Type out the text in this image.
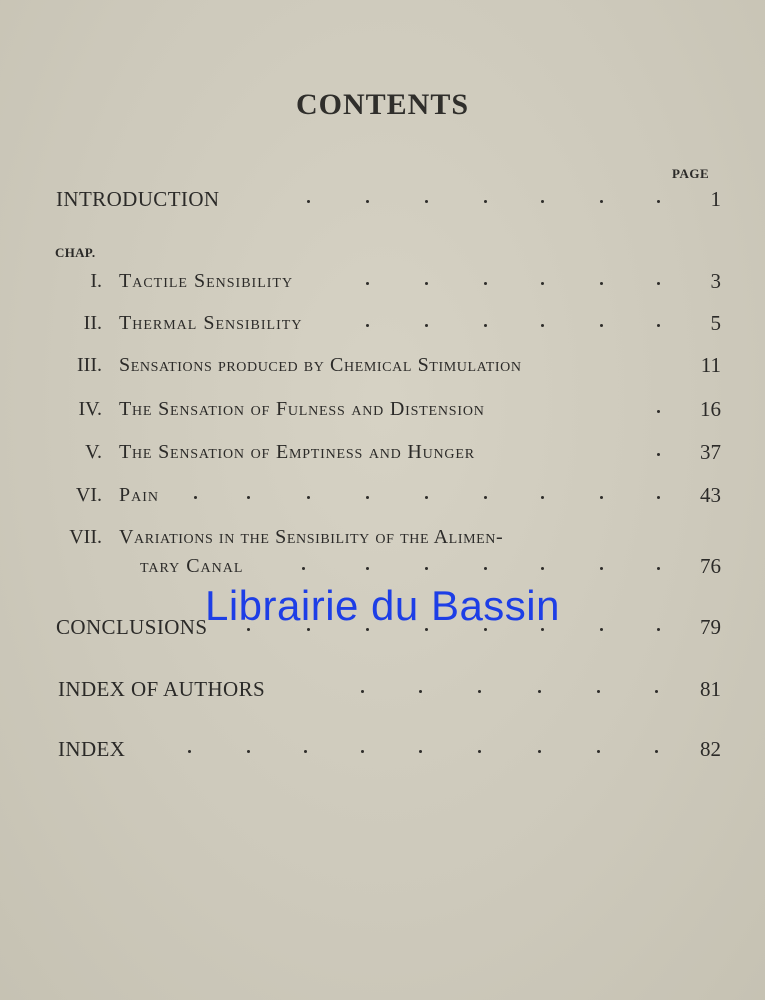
CONTENTS
PAGE
INTRODUCTION	1
CHAP.
I. Tactile Sensibility	3
II. Thermal Sensibility	5
III. Sensations produced by Chemical Stimulation	11
IV. The Sensation of Fulness and Distension	16
V. The Sensation of Emptiness and Hunger	37
VI. Pain	43
VII. Variations in the Sensibility of the Alimen-
tary Canal	76
CONCLUSIONS	79
INDEX OF AUTHORS	81
INDEX	82
Librairie du Bassin
